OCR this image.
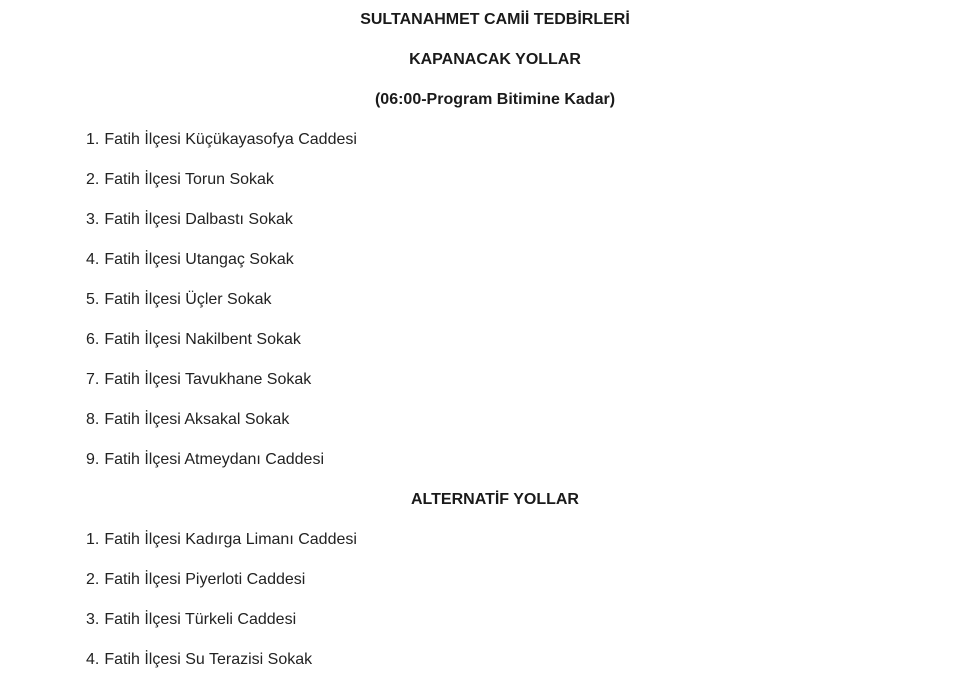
SULTANAHMET CAMİİ TEDBİRLERİ
KAPANACAK YOLLAR
(06:00-Program Bitimine Kadar)
1. Fatih İlçesi Küçükayasofya Caddesi
2. Fatih İlçesi Torun Sokak
3. Fatih İlçesi Dalbastı Sokak
4. Fatih İlçesi Utangaç Sokak
5. Fatih İlçesi Üçler Sokak
6. Fatih İlçesi Nakilbent Sokak
7. Fatih İlçesi Tavukhane Sokak
8. Fatih İlçesi Aksakal Sokak
9. Fatih İlçesi Atmeydanı Caddesi
ALTERNATİF YOLLAR
1. Fatih İlçesi Kadırga Limanı Caddesi
2. Fatih İlçesi Piyerloti Caddesi
3. Fatih İlçesi Türkeli Caddesi
4. Fatih İlçesi Su Terazisi Sokak
